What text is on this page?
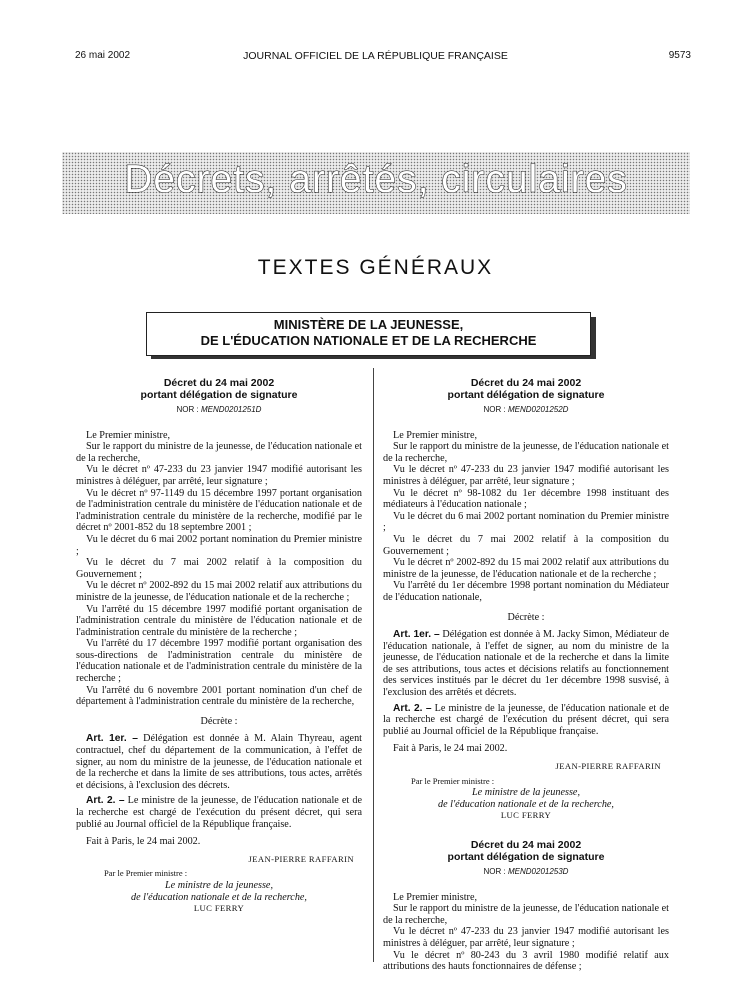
26 mai 2002	JOURNAL OFFICIEL DE LA RÉPUBLIQUE FRANÇAISE	9573
Décrets, arrêtés, circulaires
TEXTES GÉNÉRAUX
MINISTÈRE DE LA JEUNESSE,
DE L'ÉDUCATION NATIONALE ET DE LA RECHERCHE
Décret du 24 mai 2002
portant délégation de signature
NOR : MEND0201251D

Le Premier ministre,

Sur le rapport du ministre de la jeunesse, de l'éducation nationale et de la recherche,

Vu le décret nº 47-233 du 23 janvier 1947 modifié autorisant les ministres à déléguer, par arrêté, leur signature ;

Vu le décret nº 97-1149 du 15 décembre 1997 portant organisation de l'administration centrale du ministère de l'éducation nationale et de l'administration centrale du ministère de la recherche, modifié par le décret nº 2001-852 du 18 septembre 2001 ;

Vu le décret du 6 mai 2002 portant nomination du Premier ministre ;

Vu le décret du 7 mai 2002 relatif à la composition du Gouvernement ;

Vu le décret nº 2002-892 du 15 mai 2002 relatif aux attributions du ministre de la jeunesse, de l'éducation nationale et de la recherche ;

Vu l'arrêté du 15 décembre 1997 modifié portant organisation de l'administration centrale du ministère de l'éducation nationale et de l'administration centrale du ministère de la recherche ;

Vu l'arrêté du 17 décembre 1997 modifié portant organisation des sous-directions de l'administration centrale du ministère de l'éducation nationale et de l'administration centrale du ministère de la recherche ;

Vu l'arrêté du 6 novembre 2001 portant nomination d'un chef de département à l'administration centrale du ministère de la recherche,

Décrète :

Art. 1er. – Délégation est donnée à M. Alain Thyreau, agent contractuel, chef du département de la communication, à l'effet de signer, au nom du ministre de la jeunesse, de l'éducation nationale et de la recherche et dans la limite de ses attributions, tous actes, arrêtés et décisions, à l'exclusion des décrets.

Art. 2. – Le ministre de la jeunesse, de l'éducation nationale et de la recherche est chargé de l'exécution du présent décret, qui sera publié au Journal officiel de la République française.

Fait à Paris, le 24 mai 2002.

JEAN-PIERRE RAFFARIN

Par le Premier ministre :

Le ministre de la jeunesse,

de l'éducation nationale et de la recherche,

LUC FERRY

Décret du 24 mai 2002
portant délégation de signature
NOR : MEND0201252D

Le Premier ministre,

Sur le rapport du ministre de la jeunesse, de l'éducation nationale et de la recherche,

Vu le décret nº 47-233 du 23 janvier 1947 modifié autorisant les ministres à déléguer, par arrêté, leur signature ;

Vu le décret nº 98-1082 du 1er décembre 1998 instituant des médiateurs à l'éducation nationale ;

Vu le décret du 6 mai 2002 portant nomination du Premier ministre ;

Vu le décret du 7 mai 2002 relatif à la composition du Gouvernement ;

Vu le décret nº 2002-892 du 15 mai 2002 relatif aux attributions du ministre de la jeunesse, de l'éducation nationale et de la recherche ;

Vu l'arrêté du 1er décembre 1998 portant nomination du Médiateur de l'éducation nationale,

Décrète :

Art. 1er. – Délégation est donnée à M. Jacky Simon, Médiateur de l'éducation nationale, à l'effet de signer, au nom du ministre de la jeunesse, de l'éducation nationale et de la recherche et dans la limite de ses attributions, tous actes et décisions relatifs au fonctionnement des services institués par le décret du 1er décembre 1998 susvisé, à l'exclusion des arrêtés et décrets.

Art. 2. – Le ministre de la jeunesse, de l'éducation nationale et de la recherche est chargé de l'exécution du présent décret, qui sera publié au Journal officiel de la République française.

Fait à Paris, le 24 mai 2002.

JEAN-PIERRE RAFFARIN

Par le Premier ministre :

Le ministre de la jeunesse,

de l'éducation nationale et de la recherche,

LUC FERRY

Décret du 24 mai 2002
portant délégation de signature
NOR : MEND0201253D

Le Premier ministre,

Sur le rapport du ministre de la jeunesse, de l'éducation nationale et de la recherche,

Vu le décret nº 47-233 du 23 janvier 1947 modifié autorisant les ministres à déléguer, par arrêté, leur signature ;

Vu le décret nº 80-243 du 3 avril 1980 modifié relatif aux attributions des hauts fonctionnaires de défense ;
